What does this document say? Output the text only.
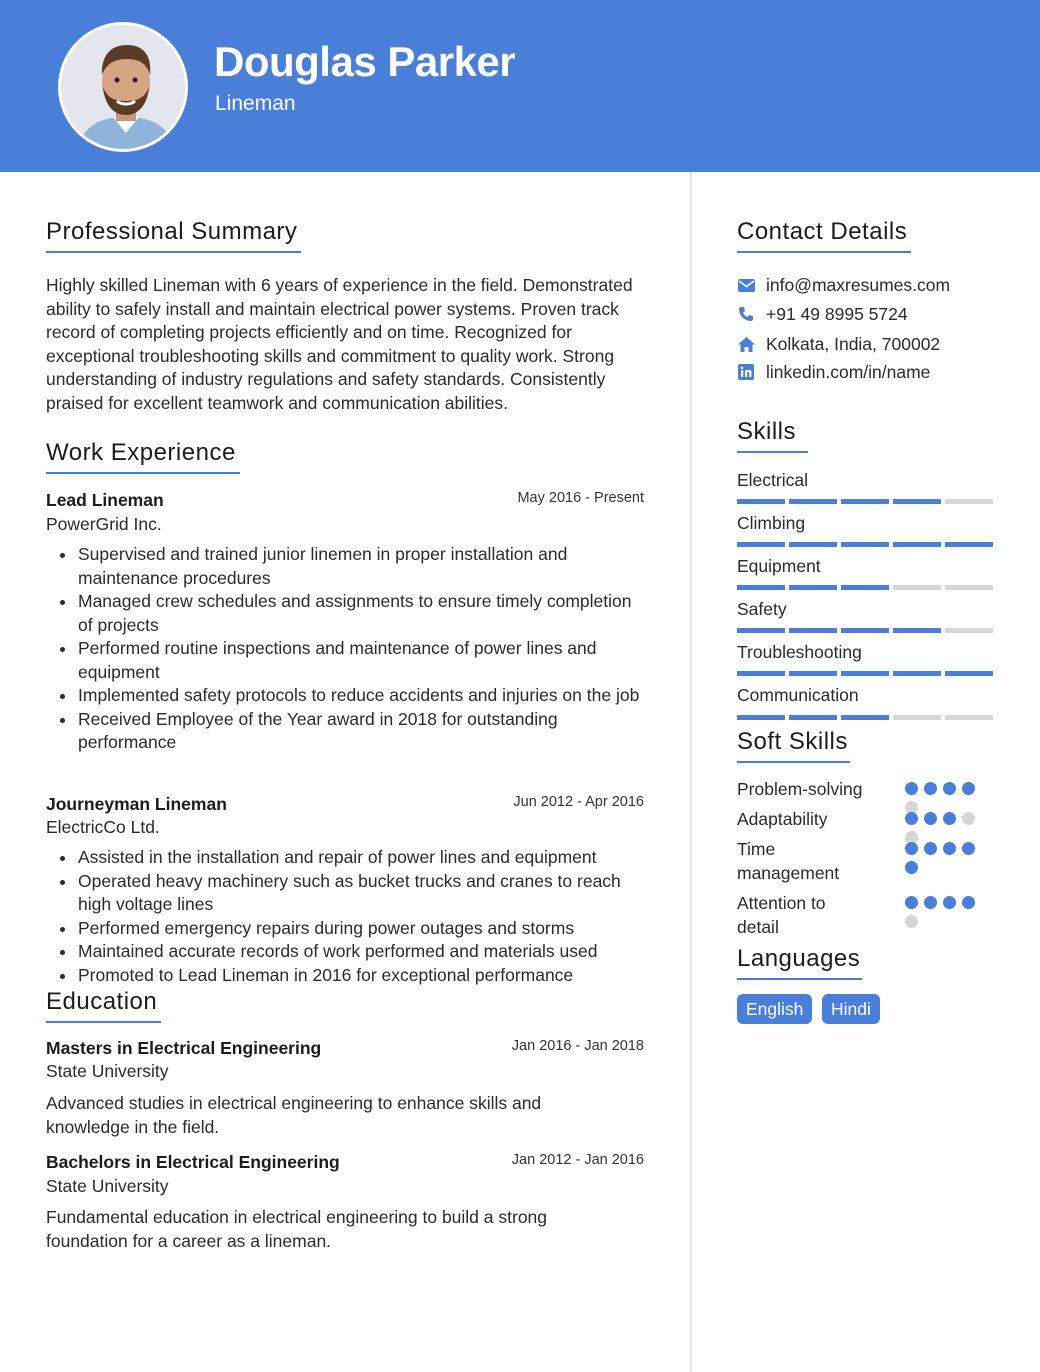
Douglas Parker
Lineman
Professional Summary
Highly skilled Lineman with 6 years of experience in the field. Demonstrated ability to safely install and maintain electrical power systems. Proven track record of completing projects efficiently and on time. Recognized for exceptional troubleshooting skills and commitment to quality work. Strong understanding of industry regulations and safety standards. Consistently praised for excellent teamwork and communication abilities.
Work Experience
Lead Lineman	May 2016 - Present
PowerGrid Inc.
Supervised and trained junior linemen in proper installation and maintenance procedures
Managed crew schedules and assignments to ensure timely completion of projects
Performed routine inspections and maintenance of power lines and equipment
Implemented safety protocols to reduce accidents and injuries on the job
Received Employee of the Year award in 2018 for outstanding performance
Journeyman Lineman	Jun 2012 - Apr 2016
ElectricCo Ltd.
Assisted in the installation and repair of power lines and equipment
Operated heavy machinery such as bucket trucks and cranes to reach high voltage lines
Performed emergency repairs during power outages and storms
Maintained accurate records of work performed and materials used
Promoted to Lead Lineman in 2016 for exceptional performance
Education
Masters in Electrical Engineering	Jan 2016 - Jan 2018
State University
Advanced studies in electrical engineering to enhance skills and knowledge in the field.
Bachelors in Electrical Engineering	Jan 2012 - Jan 2016
State University
Fundamental education in electrical engineering to build a strong foundation for a career as a lineman.
Contact Details
info@maxresumes.com
+91 49 8995 5724
Kolkata, India, 700002
linkedin.com/in/name
Skills
Electrical
Climbing
Equipment
Safety
Troubleshooting
Communication
Soft Skills
Problem-solving
Adaptability
Time management
Attention to detail
Languages
English	Hindi
